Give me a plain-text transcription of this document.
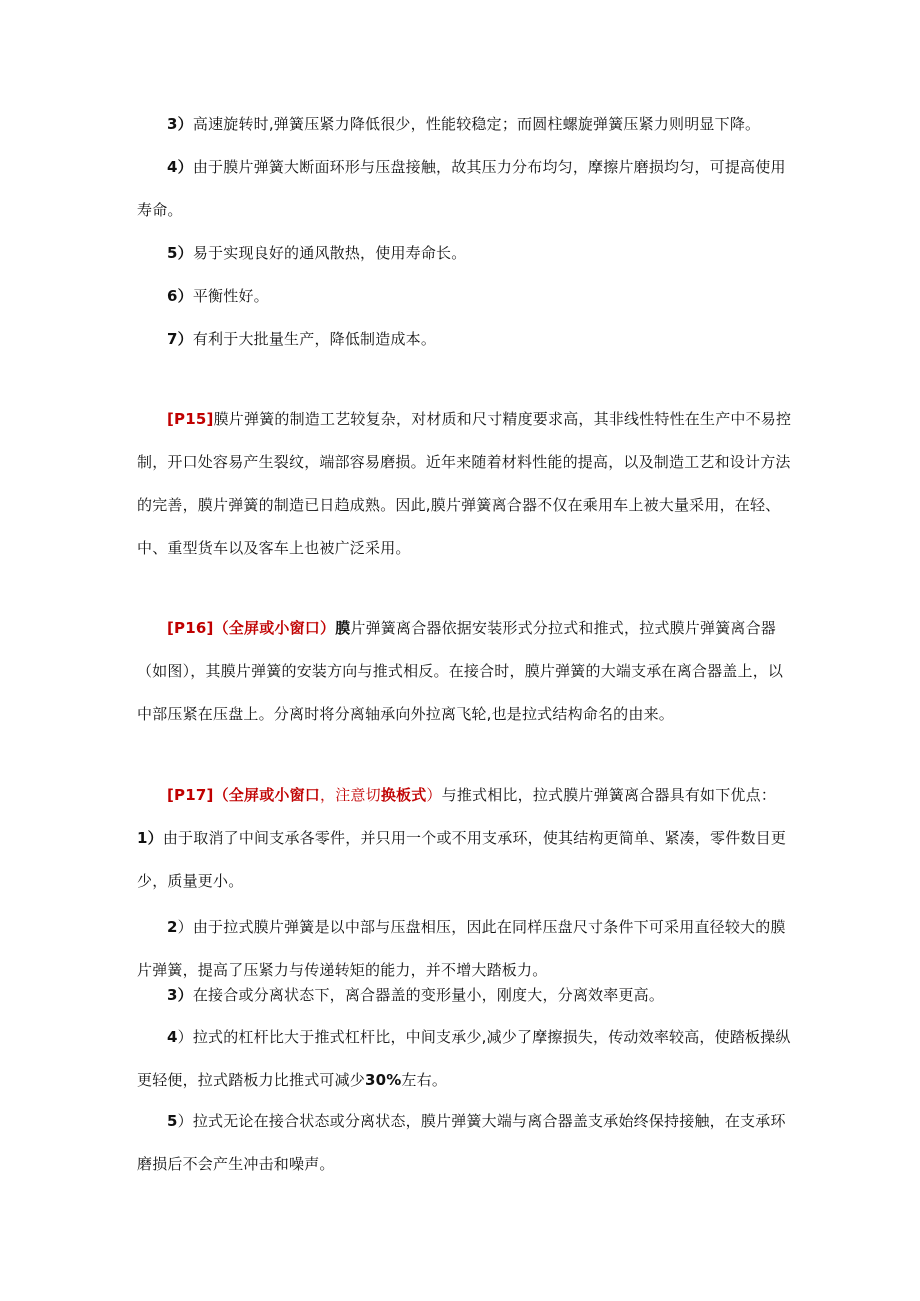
3）高速旋转时,弹簧压紧力降低很少，性能较稳定；而圆柱螺旋弹簧压紧力则明显下降。

4）由于膜片弹簧大断面环形与压盘接触，故其压力分布均匀，摩擦片磨损均匀，可提高使用寿命。

5）易于实现良好的通风散热，使用寿命长。

6）平衡性好。

7）有利于大批量生产，降低制造成本。

[P15]膜片弹簧的制造工艺较复杂，对材质和尺寸精度要求高，其非线性特性在生产中不易控制，开口处容易产生裂纹，端部容易磨损。近年来随着材料性能的提高，以及制造工艺和设计方法的完善，膜片弹簧的制造已日趋成熟。因此,膜片弹簧离合器不仅在乘用车上被大量采用，在轻、中、重型货车以及客车上也被广泛采用。

[P16]（全屏或小窗口）膜片弹簧离合器依据安装形式分拉式和推式，拉式膜片弹簧离合器（如图），其膜片弹簧的安装方向与推式相反。在接合时，膜片弹簧的大端支承在离合器盖上，以中部压紧在压盘上。分离时将分离轴承向外拉离飞轮,也是拉式结构命名的由来。

[P17]（全屏或小窗口，注意切换板式）与推式相比，拉式膜片弹簧离合器具有如下优点：

1）由于取消了中间支承各零件，并只用一个或不用支承环，使其结构更简单、紧凑，零件数目更少，质量更小。

2）由于拉式膜片弹簧是以中部与压盘相压，因此在同样压盘尺寸条件下可采用直径较大的膜片弹簧，提高了压紧力与传递转矩的能力，并不增大踏板力。

3）在接合或分离状态下，离合器盖的变形量小，刚度大，分离效率更高。

4）拉式的杠杆比大于推式杠杆比，中间支承少,减少了摩擦损失，传动效率较高，使踏板操纵更轻便，拉式踏板力比推式可减少30%左右。

5）拉式无论在接合状态或分离状态，膜片弹簧大端与离合器盖支承始终保持接触，在支承环磨损后不会产生冲击和噪声。
